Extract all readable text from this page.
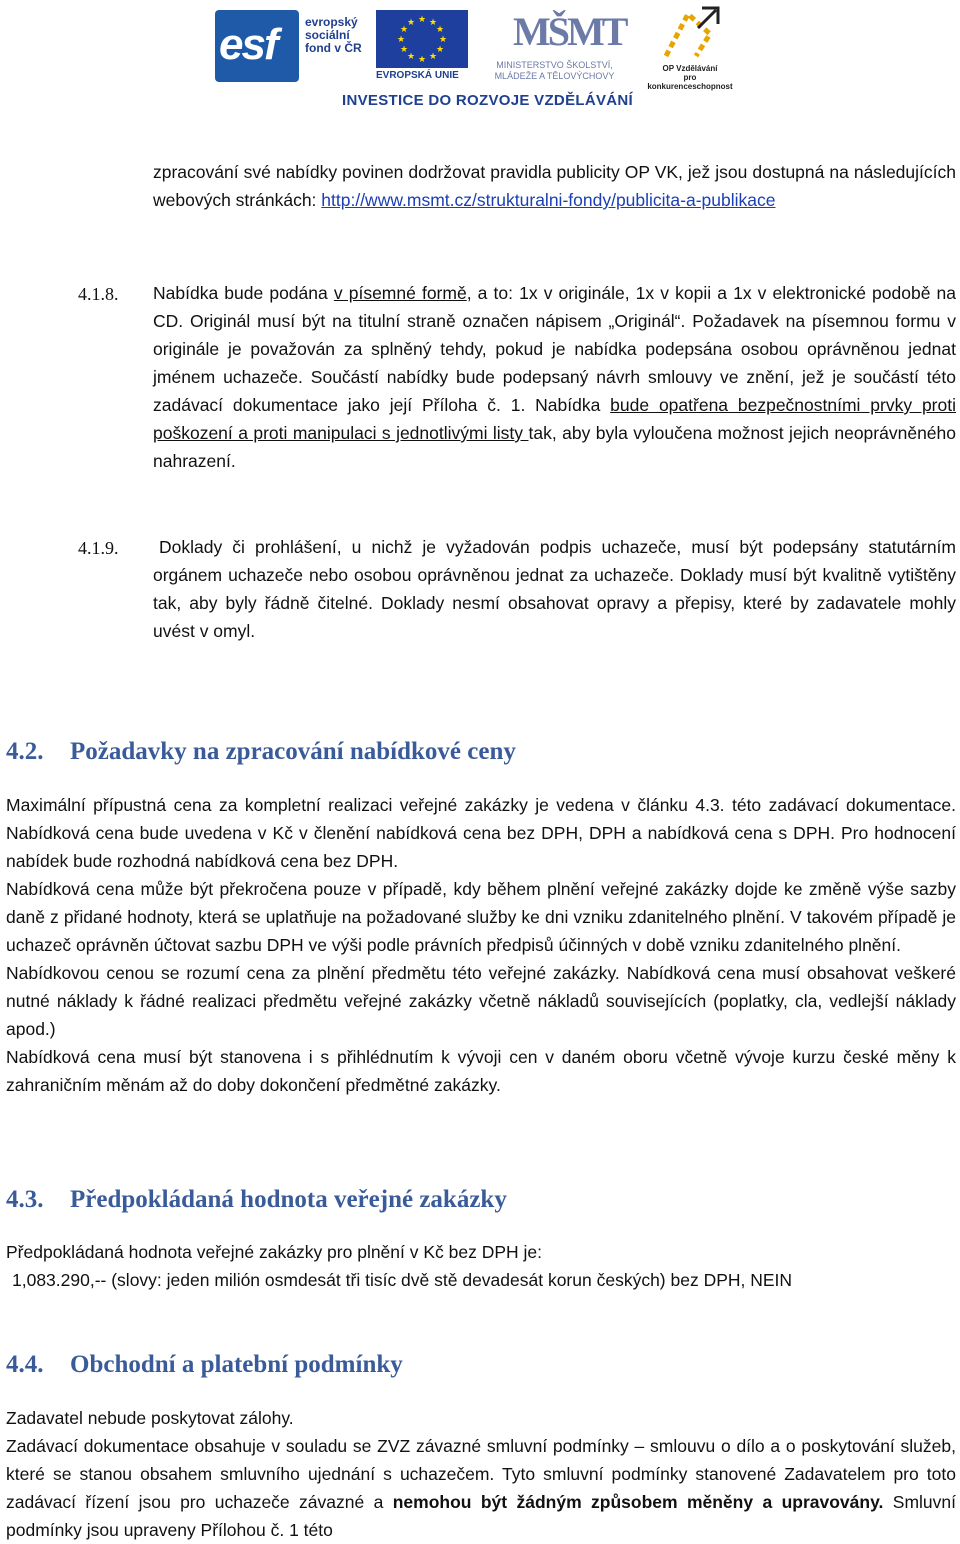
esf evropský
sociální
fond v ČR
★ ★
★
★
★
★
★
★
★
★
★
★
EVROPSKÁ UNIE
MŠMT
MINISTERSTVO ŠKOLSTVÍ,
MLÁDEŽE A TĚLOVÝCHOVY
OP Vzdělávání
pro konkurenceschopnost
INVESTICE DO ROZVOJE VZDĚLÁVÁNÍ
zpracování své nabídky povinen dodržovat pravidla publicity OP VK, jež jsou dostupná na následujících webových stránkách: http://www.msmt.cz/strukturalni-fondy/publicita-a-publikace
4.1.8. Nabídka bude podána v písemné formě, a to: 1x v originále, 1x v kopii a 1x v elektronické podobě na CD. Originál musí být na titulní straně označen nápisem „Originál“. Požadavek na písemnou formu v originále je považován za splněný tehdy, pokud je nabídka podepsána osobou oprávněnou jednat jménem uchazeče. Součástí nabídky bude podepsaný návrh smlouvy ve znění, jež je součástí této zadávací dokumentace jako její Příloha č. 1. Nabídka bude opatřena bezpečnostními prvky proti poškození a proti manipulaci s jednotlivými listy tak, aby byla vyloučena možnost jejich neoprávněného nahrazení.
4.1.9.	Doklady či prohlášení, u nichž je vyžadován podpis uchazeče, musí být podepsány statutárním orgánem uchazeče nebo osobou oprávněnou jednat za uchazeče. Doklady musí být kvalitně vytištěny tak, aby byly řádně čitelné. Doklady nesmí obsahovat opravy a přepisy, které by zadavatele mohly uvést v omyl.
4.2. Požadavky na zpracování nabídkové ceny

Maximální přípustná cena za kompletní realizaci veřejné zakázky je vedena v článku 4.3. této zadávací dokumentace. Nabídková cena bude uvedena v Kč v členění nabídková cena bez DPH, DPH a nabídková cena s DPH. Pro hodnocení nabídek bude rozhodná nabídková cena bez DPH.

Nabídková cena může být překročena pouze v případě, kdy během plnění veřejné zakázky dojde ke změně výše sazby daně z přidané hodnoty, která se uplatňuje na požadované služby ke dni vzniku zdanitelného plnění. V takovém případě je uchazeč oprávněn účtovat sazbu DPH ve výši podle právních předpisů účinných v době vzniku zdanitelného plnění.

Nabídkovou cenou se rozumí cena za plnění předmětu této veřejné zakázky. Nabídková cena musí obsahovat veškeré nutné náklady k řádné realizaci předmětu veřejné zakázky včetně nákladů souvisejících (poplatky, cla, vedlejší náklady apod.)

Nabídková cena musí být stanovena i s přihlédnutím k vývoji cen v daném oboru včetně vývoje kurzu české měny k zahraničním měnám až do doby dokončení předmětné zakázky.

4.3. Předpokládaná hodnota veřejné zakázky

Předpokládaná hodnota veřejné zakázky pro plnění v Kč bez DPH je:

1,083.290,-- (slovy: jeden milión osmdesát tři tisíc dvě stě devadesát korun českých) bez DPH, NEIN

4.4. Obchodní a platební podmínky

Zadavatel nebude poskytovat zálohy.

Zadávací dokumentace obsahuje v souladu se ZVZ závazné smluvní podmínky – smlouvu o dílo a o poskytování služeb, které se stanou obsahem smluvního ujednání s uchazečem. Tyto smluvní podmínky stanovené Zadavatelem pro toto zadávací řízení jsou pro uchazeče závazné a nemohou být žádným způsobem měněny a upravovány. Smluvní podmínky jsou upraveny Přílohou č. 1 této
